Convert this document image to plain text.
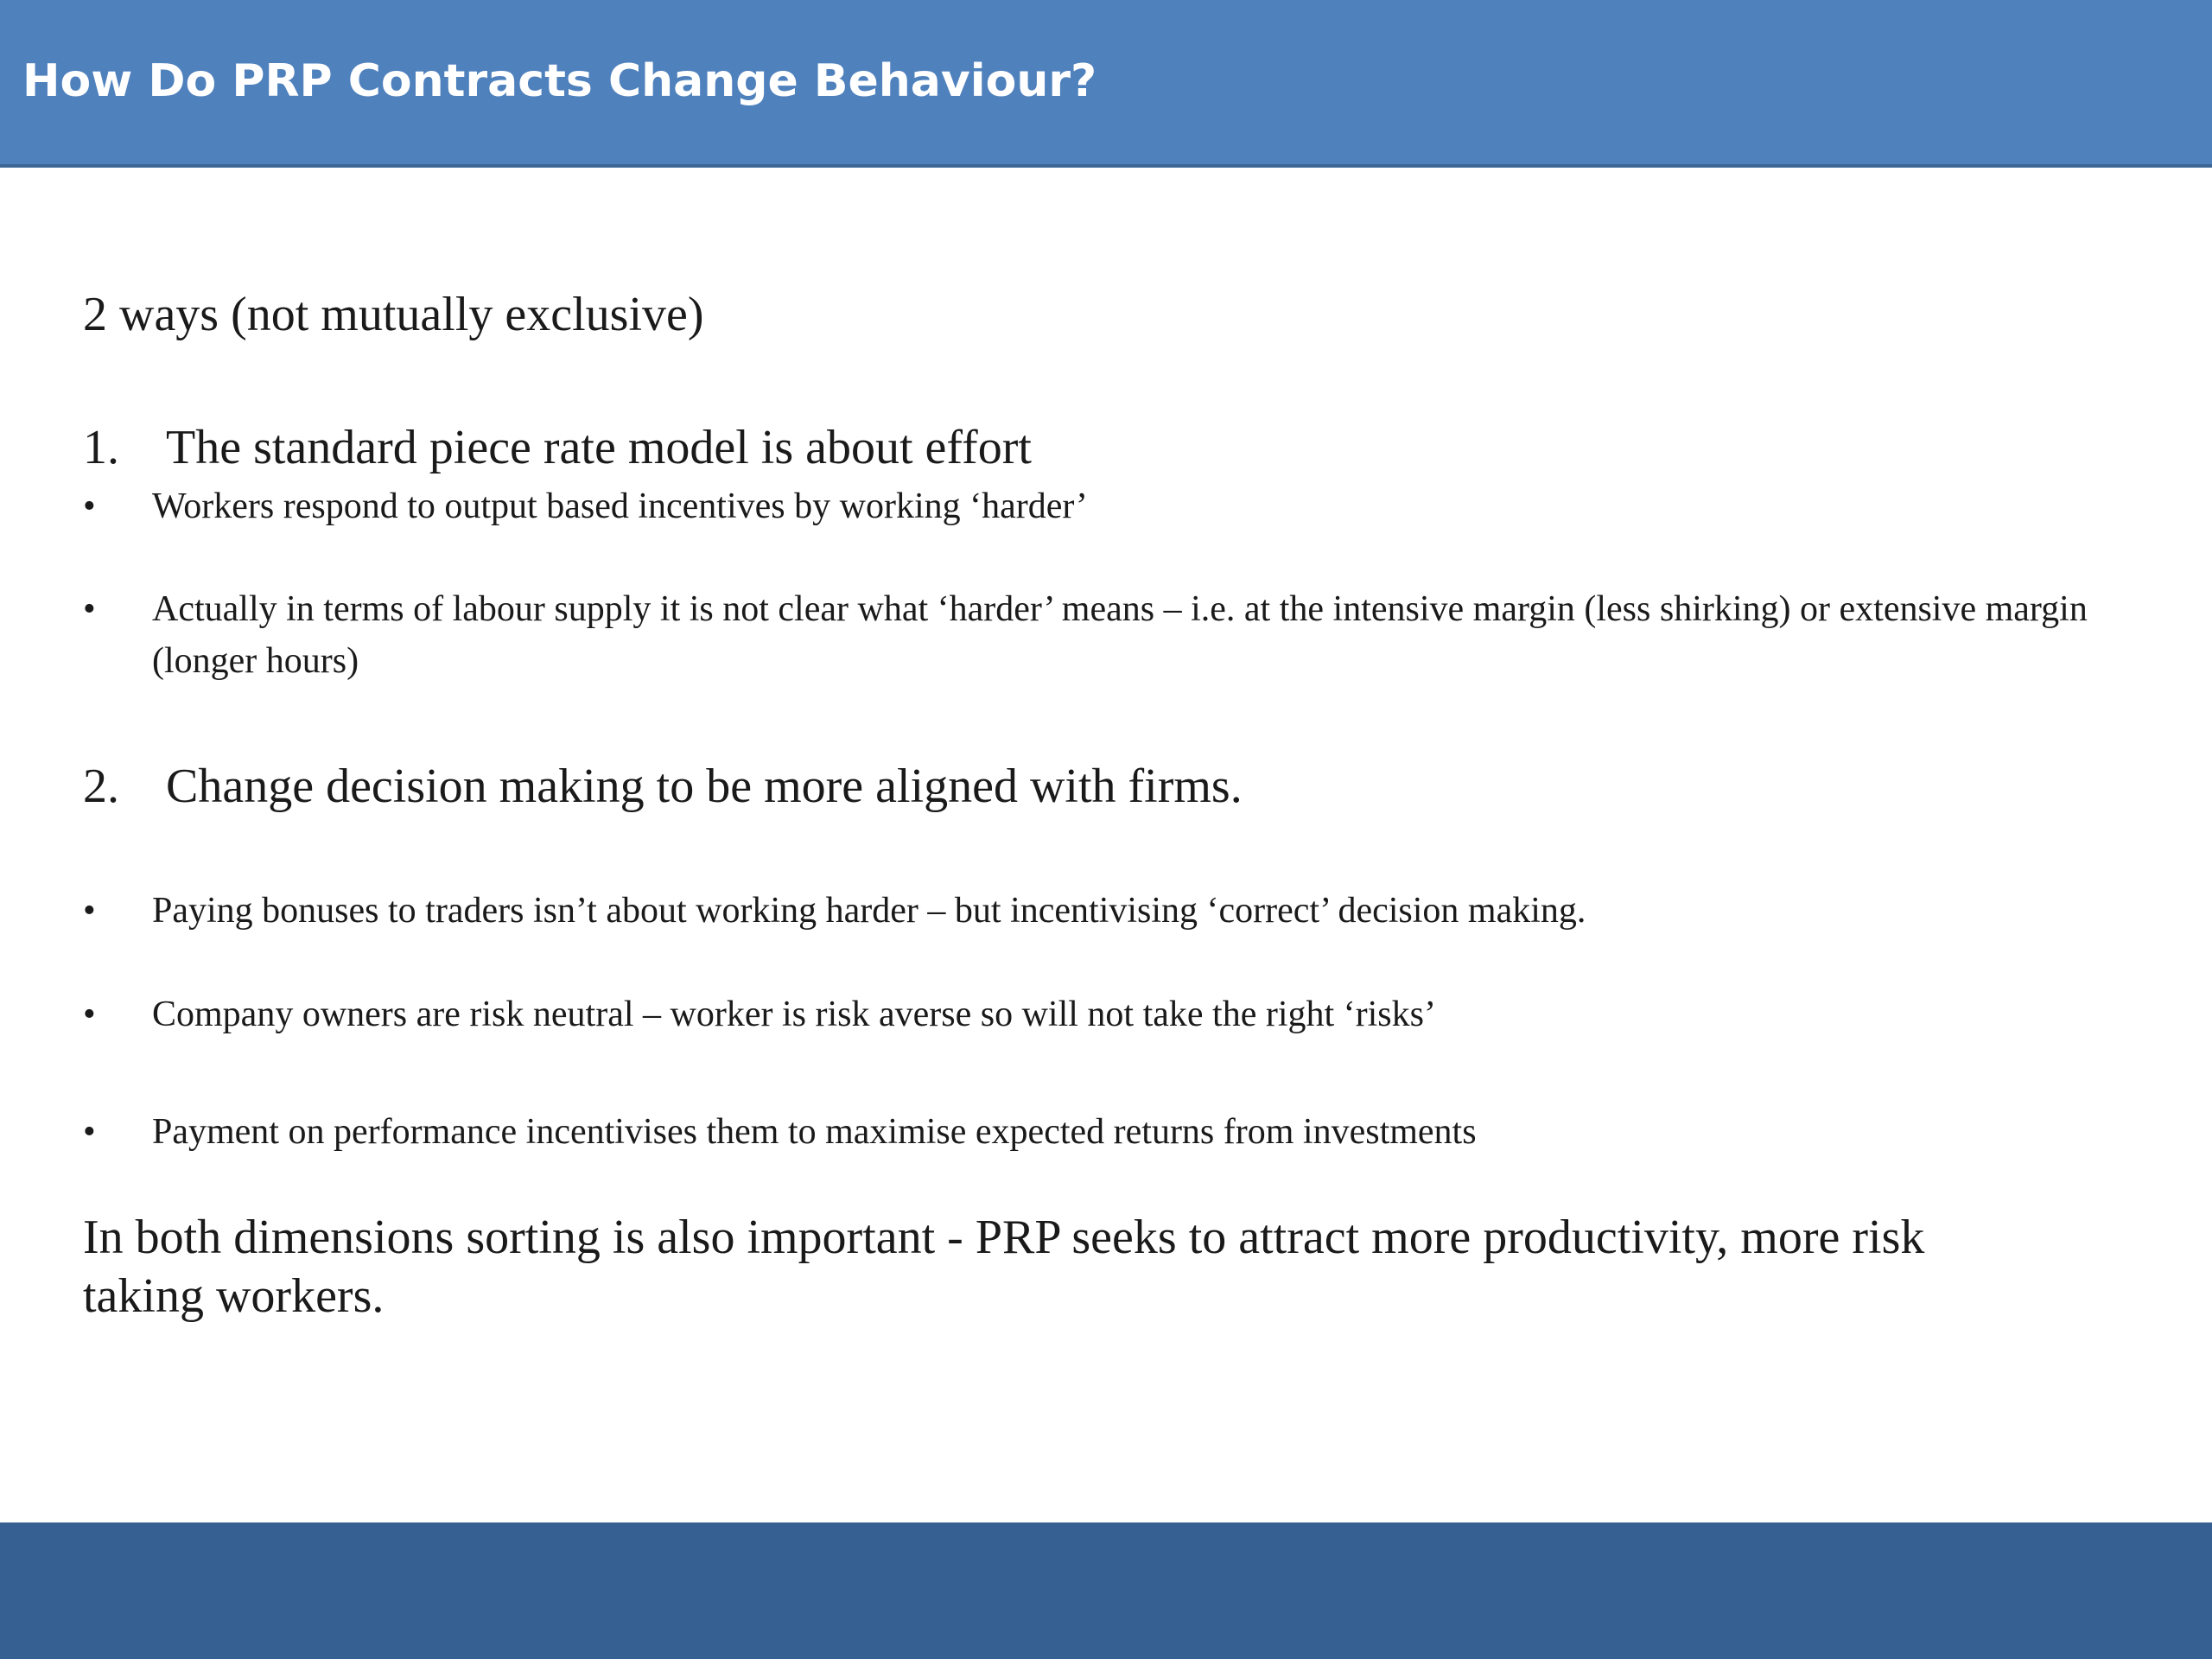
How Do PRP Contracts Change Behaviour?

2 ways (not mutually exclusive)

1. The standard piece rate model is about effort
•	Workers respond to output based incentives by working ‘harder’
•	Actually in terms of labour supply it is not clear what ‘harder’ means – i.e. at the intensive margin (less shirking) or extensive margin (longer hours)
2. Change decision making to be more aligned with firms.
•	Paying bonuses to traders isn’t about working harder – but incentivising ‘correct’ decision making.
•	Company owners are risk neutral – worker is risk averse so will not take the right ‘risks’
•	Payment on performance incentivises them to maximise expected returns from investments

In both dimensions sorting is also important - PRP seeks to attract more productivity, more risk taking workers.
